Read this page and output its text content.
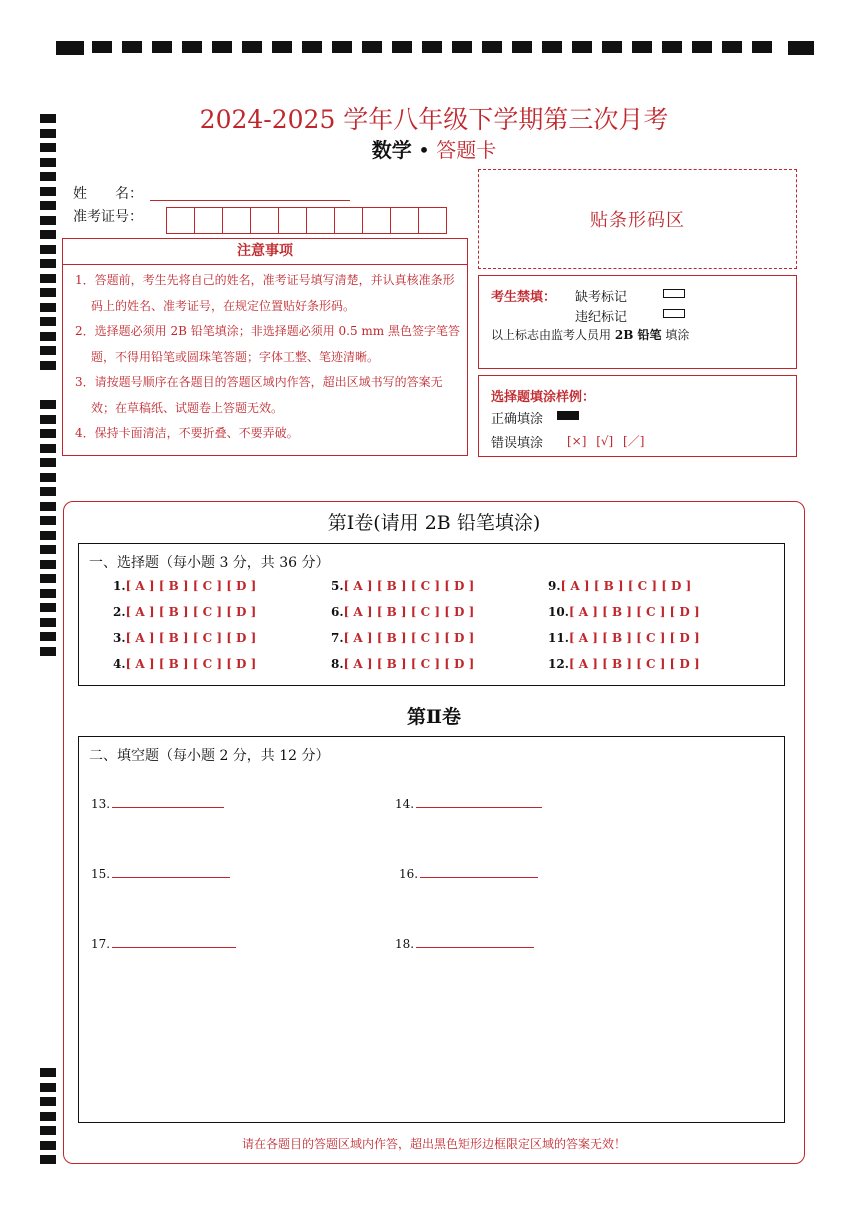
2024-2025 学年八年级下学期第三次月考
数学 • 答题卡
姓　　名：
准考证号：
注意事项
1．答题前，考生先将自己的姓名，准考证号填写清楚，并认真核准条形码上的姓名、准考证号，在规定位置贴好条形码。
2．选择题必须用 2B 铅笔填涂；非选择题必须用 0.5 mm 黑色签字笔答题，不得用铅笔或圆珠笔答题；字体工整、笔迹清晰。
3．请按题号顺序在各题目的答题区域内作答，超出区域书写的答案无效；在草稿纸、试题卷上答题无效。
4．保持卡面清洁，不要折叠、不要弄破。
贴条形码区
考生禁填： 缺考标记
违纪标记
以上标志由监考人员用 2B 铅笔 填涂
选择题填涂样例：
正确填涂
错误填涂 [×] [√] [／]
第Ⅰ卷(请用 2B 铅笔填涂)
一、选择题（每小题 3 分，共 36 分）
1.[ A ] [ B ] [ C ] [ D ]
2.[ A ] [ B ] [ C ] [ D ]
3.[ A ] [ B ] [ C ] [ D ]
4.[ A ] [ B ] [ C ] [ D ]
5.[ A ] [ B ] [ C ] [ D ]
6.[ A ] [ B ] [ C ] [ D ]
7.[ A ] [ B ] [ C ] [ D ]
8.[ A ] [ B ] [ C ] [ D ]
9.[ A ] [ B ] [ C ] [ D ]
10.[ A ] [ B ] [ C ] [ D ]
11.[ A ] [ B ] [ C ] [ D ]
12.[ A ] [ B ] [ C ] [ D ]
第Ⅱ卷
二、填空题（每小题 2 分，共 12 分）
13.	14.
15.	16.
17.	18.
请在各题目的答题区域内作答，超出黑色矩形边框限定区域的答案无效！
